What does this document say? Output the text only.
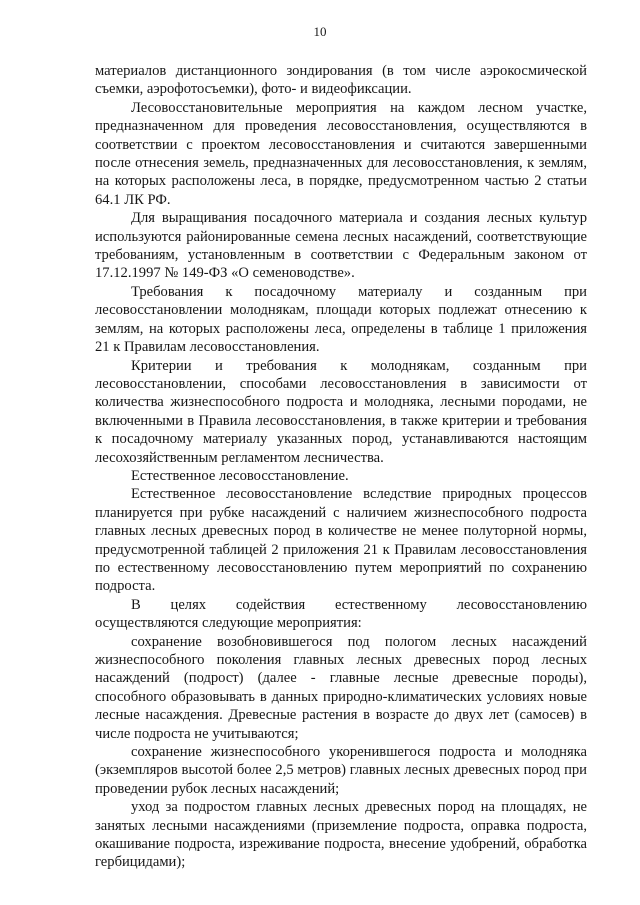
10

материалов дистанционного зондирования (в том числе аэрокосмической съемки, аэрофотосъемки), фото- и видеофиксации.

Лесовосстановительные мероприятия на каждом лесном участке, предназначенном для проведения лесовосстановления, осуществляются в соответствии с проектом лесовосстановления и считаются завершенными после отнесения земель, предназначенных для лесовосстановления, к землям, на которых расположены леса, в порядке, предусмотренном частью 2 статьи 64.1 ЛК РФ.

Для выращивания посадочного материала и создания лесных культур используются районированные семена лесных насаждений, соответствующие требованиям, установленным в соответствии с Федеральным законом от 17.12.1997 № 149-ФЗ «О семеноводстве».

Требования к посадочному материалу и созданным при лесовосстановлении молоднякам, площади которых подлежат отнесению к землям, на которых расположены леса, определены в таблице 1 приложения 21 к Правилам лесовосстановления.

Критерии и требования к молоднякам, созданным при лесовосстановлении, способами лесовосстановления в зависимости от количества жизнеспособного подроста и молодняка, лесными породами, не включенными в Правила лесовосстановления, в также критерии и требования к посадочному материалу указанных пород, устанавливаются настоящим лесохозяйственным регламентом лесничества.

Естественное лесовосстановление.

Естественное лесовосстановление вследствие природных процессов планируется при рубке насаждений с наличием жизнеспособного подроста главных лесных древесных пород в количестве не менее полуторной нормы, предусмотренной таблицей 2 приложения 21 к Правилам лесовосстановления по естественному лесовосстановлению путем мероприятий по сохранению подроста.

В целях содействия естественному лесовосстановлению осуществляются следующие мероприятия:

сохранение возобновившегося под пологом лесных насаждений жизнеспособного поколения главных лесных древесных пород лесных насаждений (подрост) (далее - главные лесные древесные породы), способного образовывать в данных природно-климатических условиях новые лесные насаждения. Древесные растения в возрасте до двух лет (самосев) в числе подроста не учитываются;

сохранение жизнеспособного укоренившегося подроста и молодняка (экземпляров высотой более 2,5 метров) главных лесных древесных пород при проведении рубок лесных насаждений;

уход за подростом главных лесных древесных пород на площадях, не занятых лесными насаждениями (приземление подроста, оправка подроста, окашивание подроста, изреживание подроста, внесение удобрений, обработка гербицидами);
